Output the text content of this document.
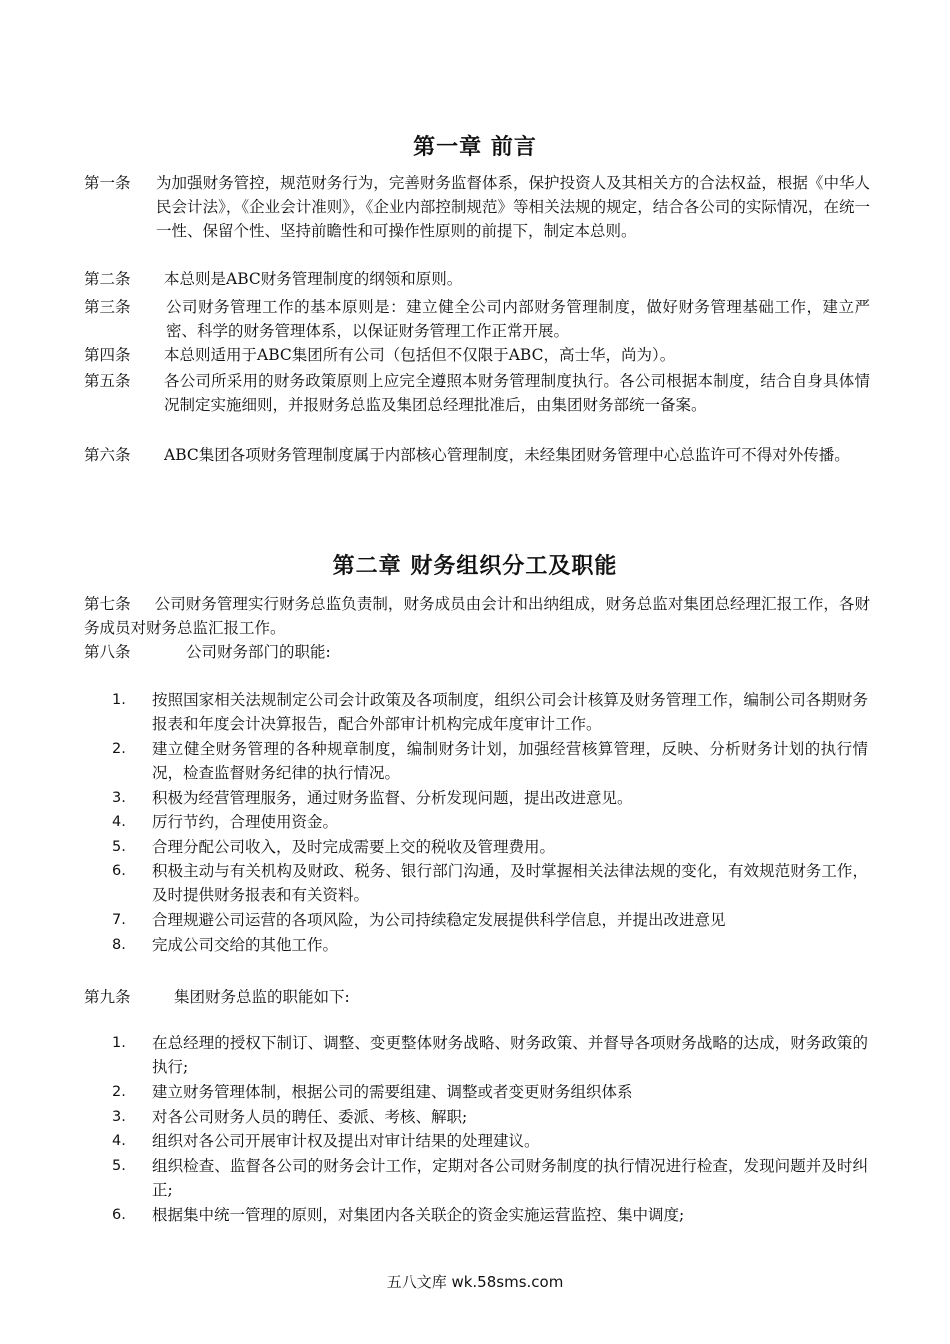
第一章 前言
第一条 为加强财务管控，规范财务行为，完善财务监督体系，保护投资人及其相关方的合法权益，根据《中华人民会计法》，《企业会计准则》，《企业内部控制规范》等相关法规的规定，结合各公司的实际情况，在统一一性、保留个性、坚持前瞻性和可操作性原则的前提下，制定本总则。
第二条 本总则是ABC财务管理制度的纲领和原则。
第三条 公司财务管理工作的基本原则是：建立健全公司内部财务管理制度，做好财务管理基础工作，建立严密、科学的财务管理体系，以保证财务管理工作正常开展。
第四条 本总则适用于ABC集团所有公司（包括但不仅限于ABC，高士华，尚为）。
第五条 各公司所采用的财务政策原则上应完全遵照本财务管理制度执行。各公司根据本制度，结合自身具体情况制定实施细则，并报财务总监及集团总经理批准后，由集团财务部统一备案。
第六条 ABC集团各项财务管理制度属于内部核心管理制度，未经集团财务管理中心总监许可不得对外传播。
第二章 财务组织分工及职能
第七条 公司财务管理实行财务总监负责制，财务成员由会计和出纳组成，财务总监对集团总经理汇报工作，各财务成员对财务总监汇报工作。
第八条	公司财务部门的职能:
1.	按照国家相关法规制定公司会计政策及各项制度，组织公司会计核算及财务管理工作，编制公司各期财务报表和年度会计决算报告，配合外部审计机构完成年度审计工作。
2.	建立健全财务管理的各种规章制度，编制财务计划，加强经营核算管理，反映、分析财务计划的执行情况，检查监督财务纪律的执行情况。
3.	积极为经营管理服务，通过财务监督、分析发现问题，提出改进意见。
4.	厉行节约，合理使用资金。
5.	合理分配公司收入，及时完成需要上交的税收及管理费用。
6.	积极主动与有关机构及财政、税务、银行部门沟通，及时掌握相关法律法规的变化，有效规范财务工作，及时提供财务报表和有关资料。
7.	合理规避公司运营的各项风险，为公司持续稳定发展提供科学信息，并提出改进意见
8.	完成公司交给的其他工作。
第九条	集团财务总监的职能如下:
1.	在总经理的授权下制订、调整、变更整体财务战略、财务政策、并督导各项财务战略的达成，财务政策的执行;
2.	建立财务管理体制，根据公司的需要组建、调整或者变更财务组织体系
3.	对各公司财务人员的聘任、委派、考核、解职;
4.	组织对各公司开展审计权及提出对审计结果的处理建议。
5.	组织检查、监督各公司的财务会计工作，定期对各公司财务制度的执行情况进行检查，发现问题并及时纠正;
6.	根据集中统一管理的原则，对集团内各关联企的资金实施运营监控、集中调度;
五八文库 wk.58sms.com
